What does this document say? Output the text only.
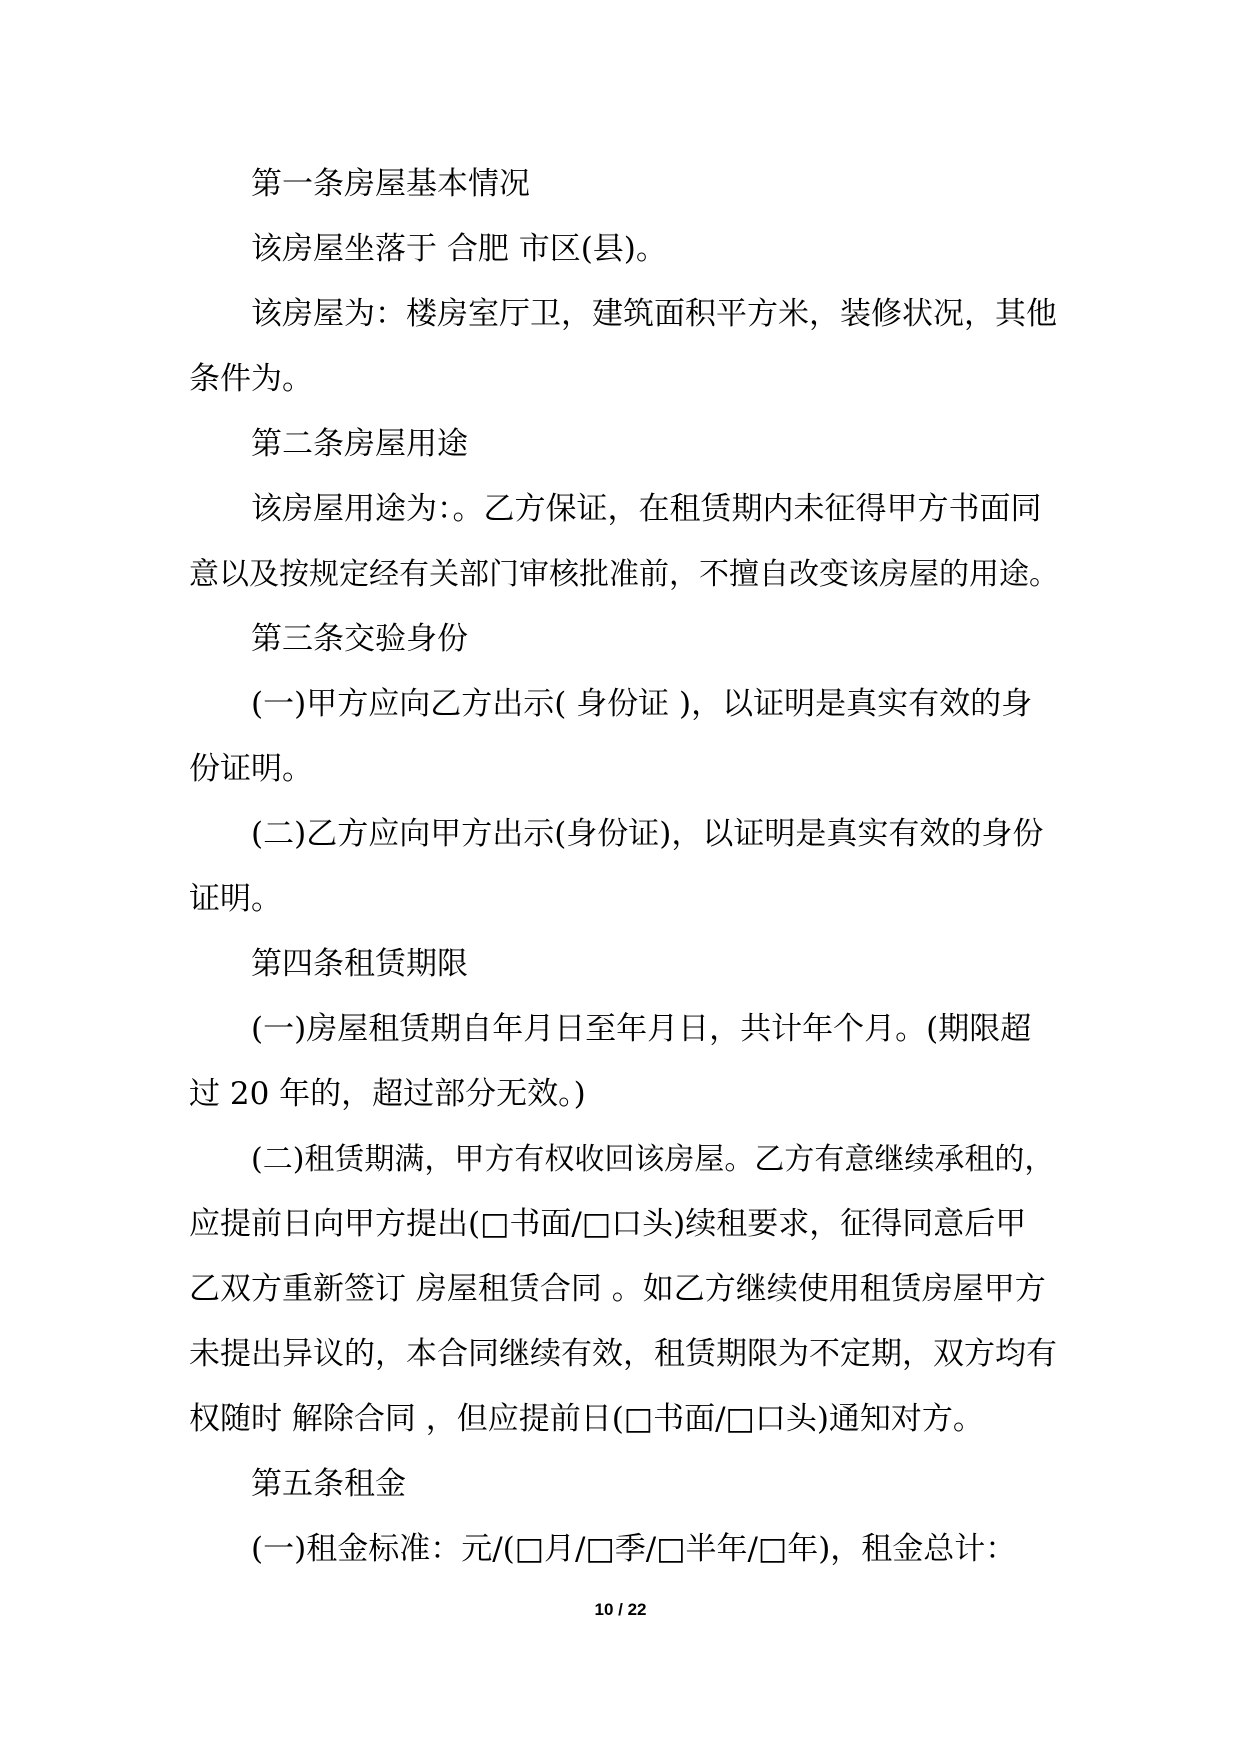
第一条房屋基本情况
该房屋坐落于 合肥 市区(县)。
该房屋为：楼房室厅卫，建筑面积平方米，装修状况，其他
条件为。
第二条房屋用途
该房屋用途为：。乙方保证，在租赁期内未征得甲方书面同
意以及按规定经有关部门审核批准前，不擅自改变该房屋的用途。
第三条交验身份
(一)甲方应向乙方出示( 身份证 )，以证明是真实有效的身
份证明。
(二)乙方应向甲方出示(身份证)，以证明是真实有效的身份
证明。
第四条租赁期限
(一)房屋租赁期自年月日至年月日，共计年个月。(期限超
过 20 年的，超过部分无效。)
(二)租赁期满，甲方有权收回该房屋。乙方有意继续承租的，
应提前日向甲方提出(□书面/□口头)续租要求，征得同意后甲
乙双方重新签订 房屋租赁合同 。如乙方继续使用租赁房屋甲方
未提出异议的，本合同继续有效，租赁期限为不定期，双方均有
权随时 解除合同 ，但应提前日(□书面/□口头)通知对方。
第五条租金
(一)租金标准：元/(□月/□季/□半年/□年)，租金总计：
10 / 22
